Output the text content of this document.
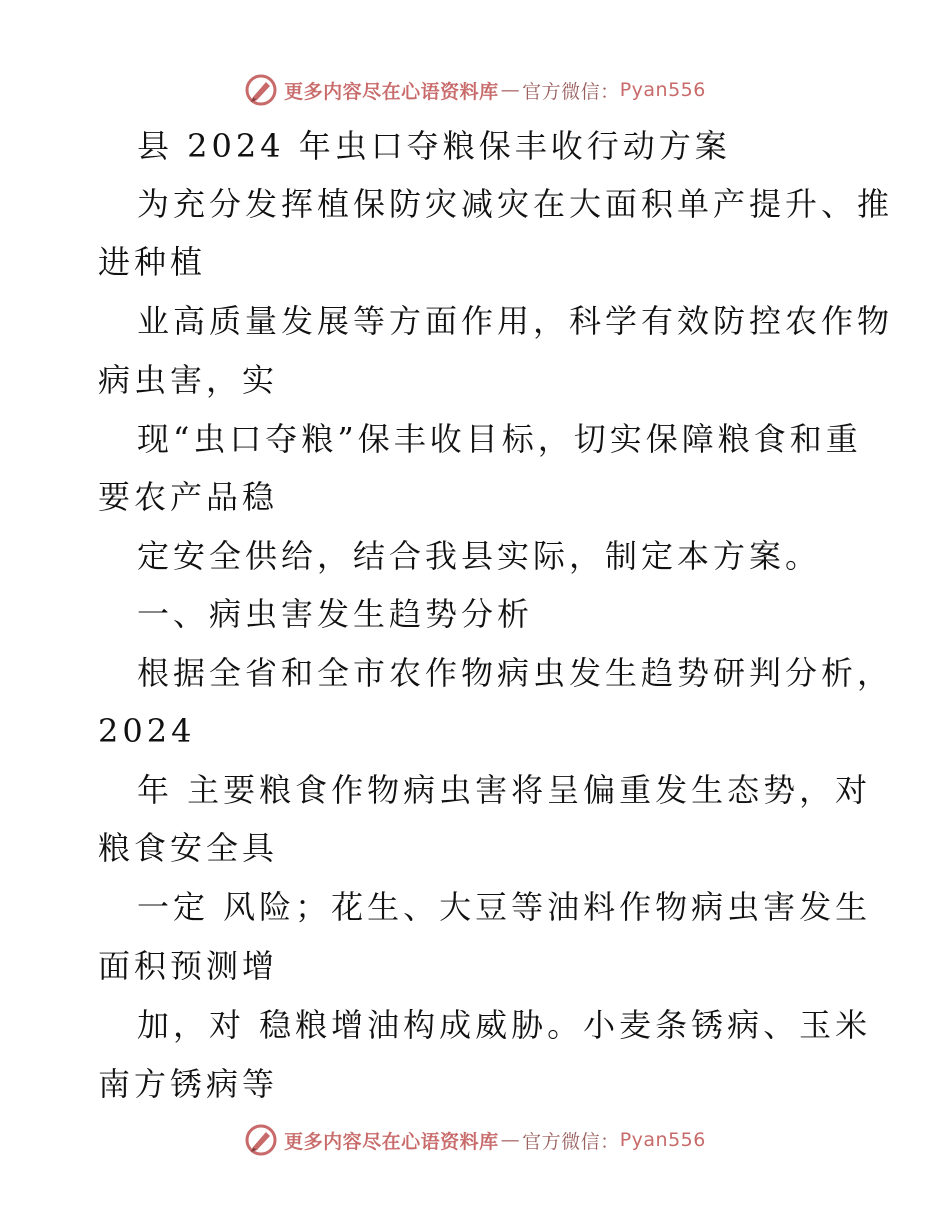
更多内容尽在心语资料库 — 官方微信： Pyan556
县 2024 年虫口夺粮保丰收行动方案
为充分发挥植保防灾减灾在大面积单产提升、推
进种植
业高质量发展等方面作用，科学有效防控农作物
病虫害，实
现“虫口夺粮”保丰收目标，切实保障粮食和重
要农产品稳
定安全供给，结合我县实际，制定本方案。
一、病虫害发生趋势分析
根据全省和全市农作物病虫发生趋势研判分析，
2024
年 主要粮食作物病虫害将呈偏重发生态势，对
粮食安全具
一定 风险；花生、大豆等油料作物病虫害发生
面积预测增
加，对 稳粮增油构成威胁。小麦条锈病、玉米
南方锈病等
更多内容尽在心语资料库 — 官方微信： Pyan556
